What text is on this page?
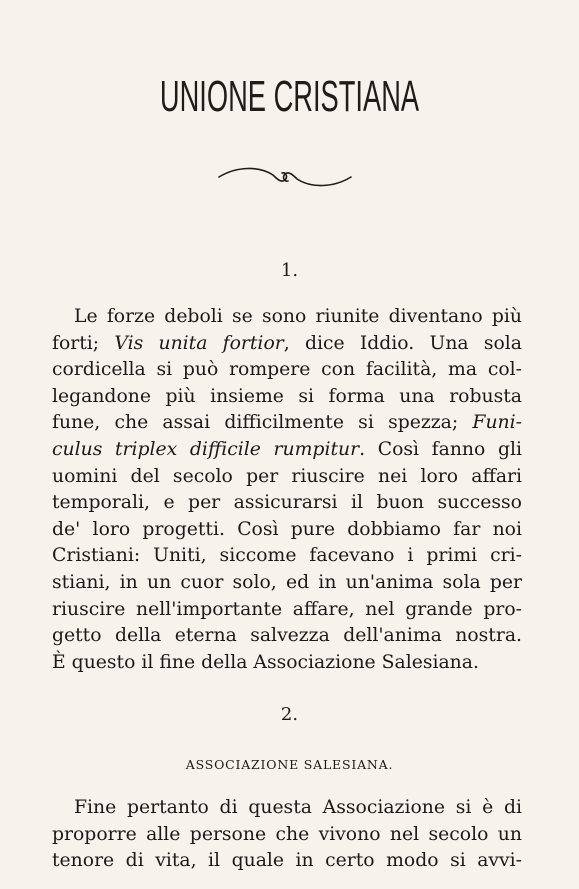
UNIONE CRISTIANA
1.
Le forze deboli se sono riunite diventano più
forti; Vis unita fortior, dice Iddio. Una sola
cordicella si può rompere con facilità, ma col-
legandone più insieme si forma una robusta
fune, che assai difficilmente si spezza; Funi-
culus triplex difficile rumpitur. Così fanno gli
uomini del secolo per riuscire nei loro affari
temporali, e per assicurarsi il buon successo
de' loro progetti. Così pure dobbiamo far noi
Cristiani: Uniti, siccome facevano i primi cri-
stiani, in un cuor solo, ed in un'anima sola per
riuscire nell'importante affare, nel grande pro-
getto della eterna salvezza dell'anima nostra.
È questo il fine della Associazione Salesiana.
2.
ASSOCIAZIONE SALESIANA.
Fine pertanto di questa Associazione si è di
proporre alle persone che vivono nel secolo un
tenore di vita, il quale in certo modo si avvi-
